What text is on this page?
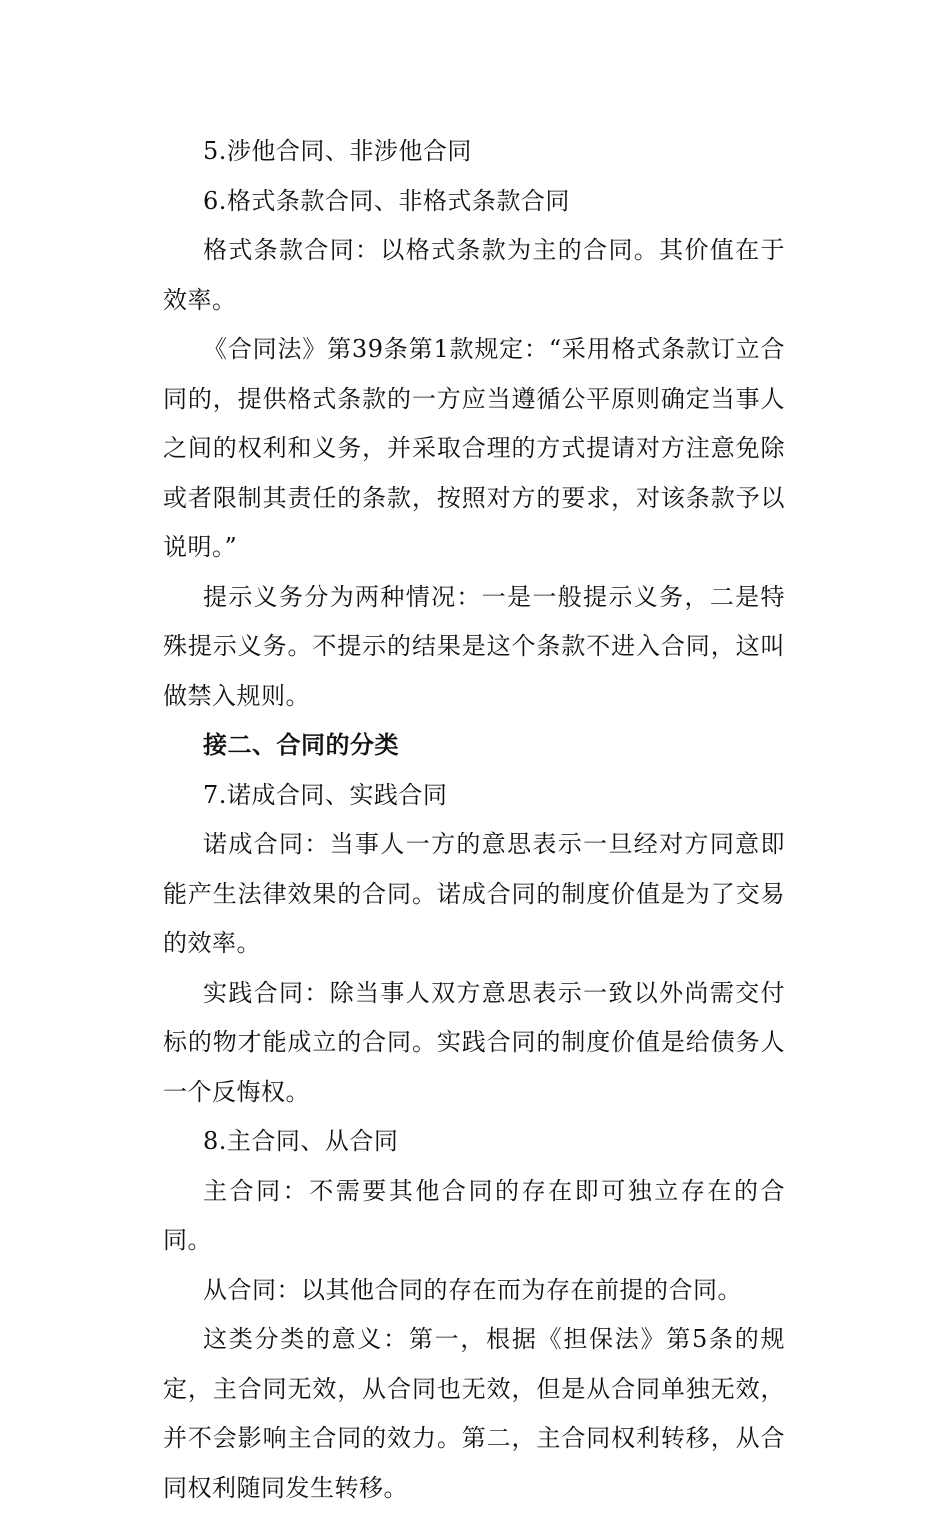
5.涉他合同、非涉他合同

6.格式条款合同、非格式条款合同

格式条款合同：以格式条款为主的合同。其价值在于效率。

《合同法》第39条第1款规定：“采用格式条款订立合同的，提供格式条款的一方应当遵循公平原则确定当事人之间的权利和义务，并采取合理的方式提请对方注意免除或者限制其责任的条款，按照对方的要求，对该条款予以说明。”

提示义务分为两种情况：一是一般提示义务，二是特殊提示义务。不提示的结果是这个条款不进入合同，这叫做禁入规则。

接二、合同的分类

7.诺成合同、实践合同

诺成合同：当事人一方的意思表示一旦经对方同意即能产生法律效果的合同。诺成合同的制度价值是为了交易的效率。

实践合同：除当事人双方意思表示一致以外尚需交付标的物才能成立的合同。实践合同的制度价值是给债务人一个反悔权。

8.主合同、从合同

主合同：不需要其他合同的存在即可独立存在的合同。

从合同：以其他合同的存在而为存在前提的合同。

这类分类的意义：第一，根据《担保法》第5条的规定，主合同无效，从合同也无效，但是从合同单独无效，并不会影响主合同的效力。第二，主合同权利转移，从合同权利随同发生转移。
